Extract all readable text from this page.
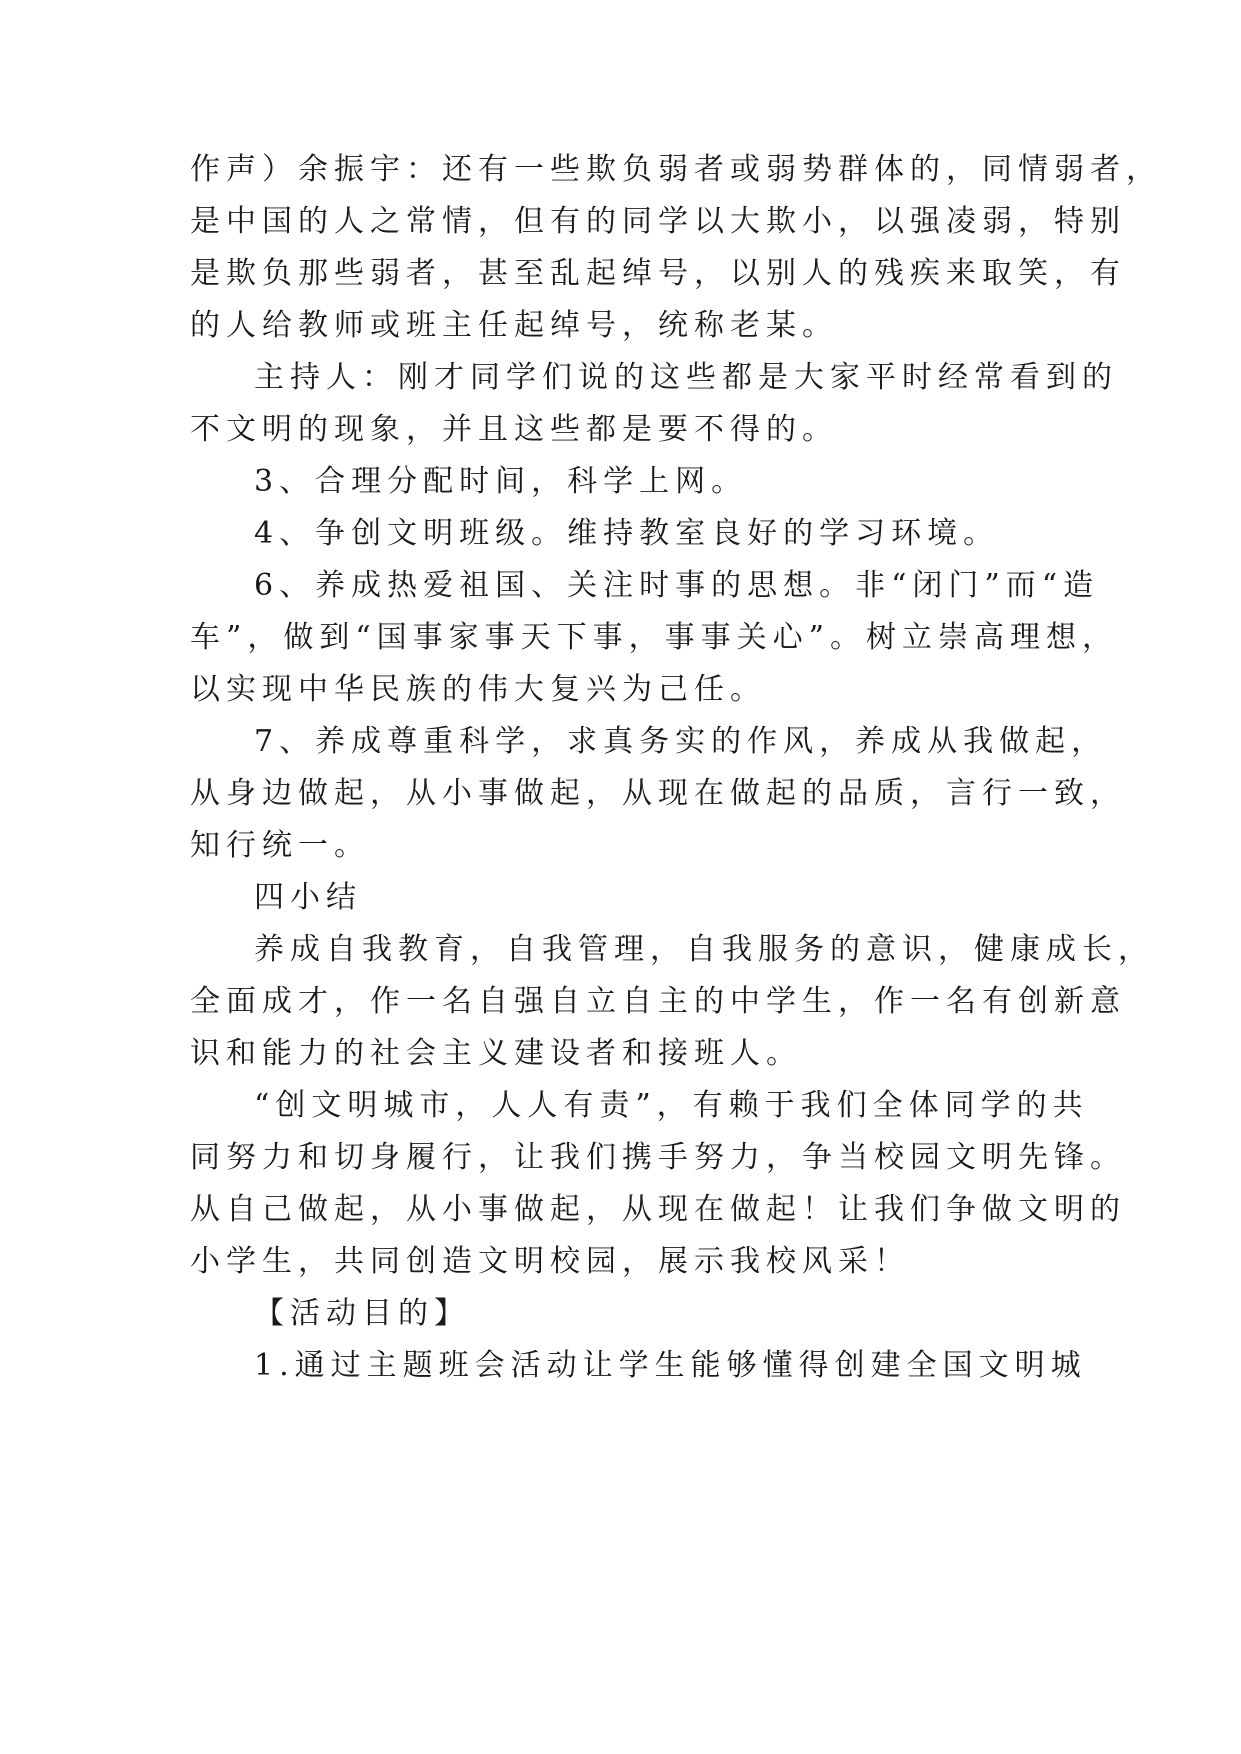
作声）余振宇：还有一些欺负弱者或弱势群体的，同情弱者，
是中国的人之常情，但有的同学以大欺小，以强凌弱，特别
是欺负那些弱者，甚至乱起绰号，以别人的残疾来取笑，有
的人给教师或班主任起绰号，统称老某。
主持人：刚才同学们说的这些都是大家平时经常看到的
不文明的现象，并且这些都是要不得的。
3、合理分配时间，科学上网。
4、争创文明班级。维持教室良好的学习环境。
6、养成热爱祖国、关注时事的思想。非“闭门”而“造
车”，做到“国事家事天下事，事事关心”。树立崇高理想，
以实现中华民族的伟大复兴为己任。
7、养成尊重科学，求真务实的作风，养成从我做起，
从身边做起，从小事做起，从现在做起的品质，言行一致，
知行统一。
四小结
养成自我教育，自我管理，自我服务的意识，健康成长，
全面成才，作一名自强自立自主的中学生，作一名有创新意
识和能力的社会主义建设者和接班人。
“创文明城市，人人有责”，有赖于我们全体同学的共
同努力和切身履行，让我们携手努力，争当校园文明先锋。
从自己做起，从小事做起，从现在做起！让我们争做文明的
小学生，共同创造文明校园，展示我校风采！
【活动目的】
1.通过主题班会活动让学生能够懂得创建全国文明城
